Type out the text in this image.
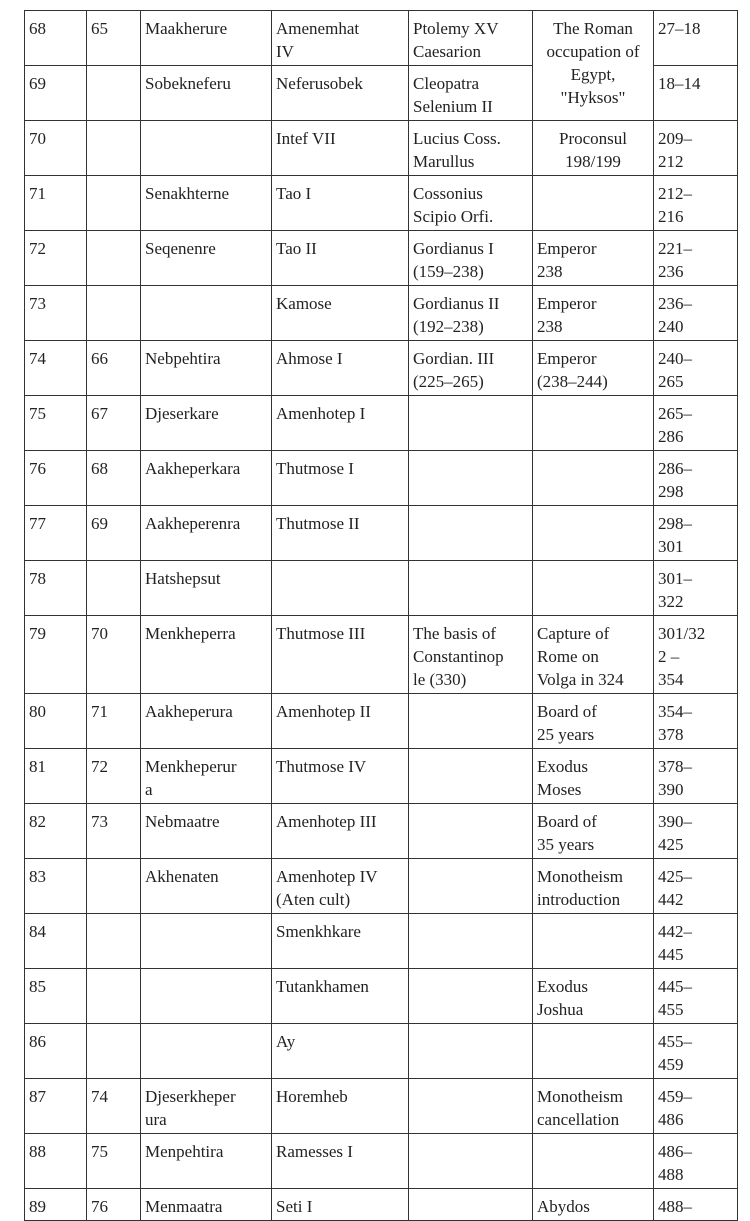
68	65	Maakherure	Amenemhat
IV	Ptolemy XV
Caesarion	The Roman
occupation of
Egypt,
"Hyksos"	27–18

69		Sobekneferu	Neferusobek	Cleopatra
Selenium II		18–14

70			Intef VII	Lucius Coss.
Marullus	Proconsul
198/199	209–
212

71		Senakhterne	Tao I	Cossonius
Scipio Orfi.		212–
216

72		Seqenenre	Tao II	Gordianus I
(159–238)	Emperor
238	221–
236

73			Kamose	Gordianus II
(192–238)	Emperor
238	236–
240

74	66	Nebpehtira	Ahmose I	Gordian. III
(225–265)	Emperor
(238–244)	240–
265

75	67	Djeserkare	Amenhotep I			265–
286

76	68	Aakheperkara	Thutmose I			286–
298

77	69	Aakheperenra	Thutmose II			298–
301

78		Hatshepsut				301–
322

79	70	Menkheperra	Thutmose III	The basis of
Constantinop
le (330)	Capture of
Rome on
Volga in 324	301/32
2 –
354

80	71	Aakheperura	Amenhotep II		Board of
25 years	354–
378

81	72	Menkheperur
a	Thutmose IV		Exodus
Moses	378–
390

82	73	Nebmaatre	Amenhotep III		Board of
35 years	390–
425

83		Akhenaten	Amenhotep IV
(Aten cult)		Monotheism
introduction	425–
442

84			Smenkhkare			442–
445

85			Tutankhamen		Exodus
Joshua	445–
455

86			Ay			455–
459

87	74	Djeserkheper
ura	Horemheb		Monotheism
cancellation	459–
486

88	75	Menpehtira	Ramesses I			486–
488

89	76	Menmaatra	Seti I		Abydos	488–
